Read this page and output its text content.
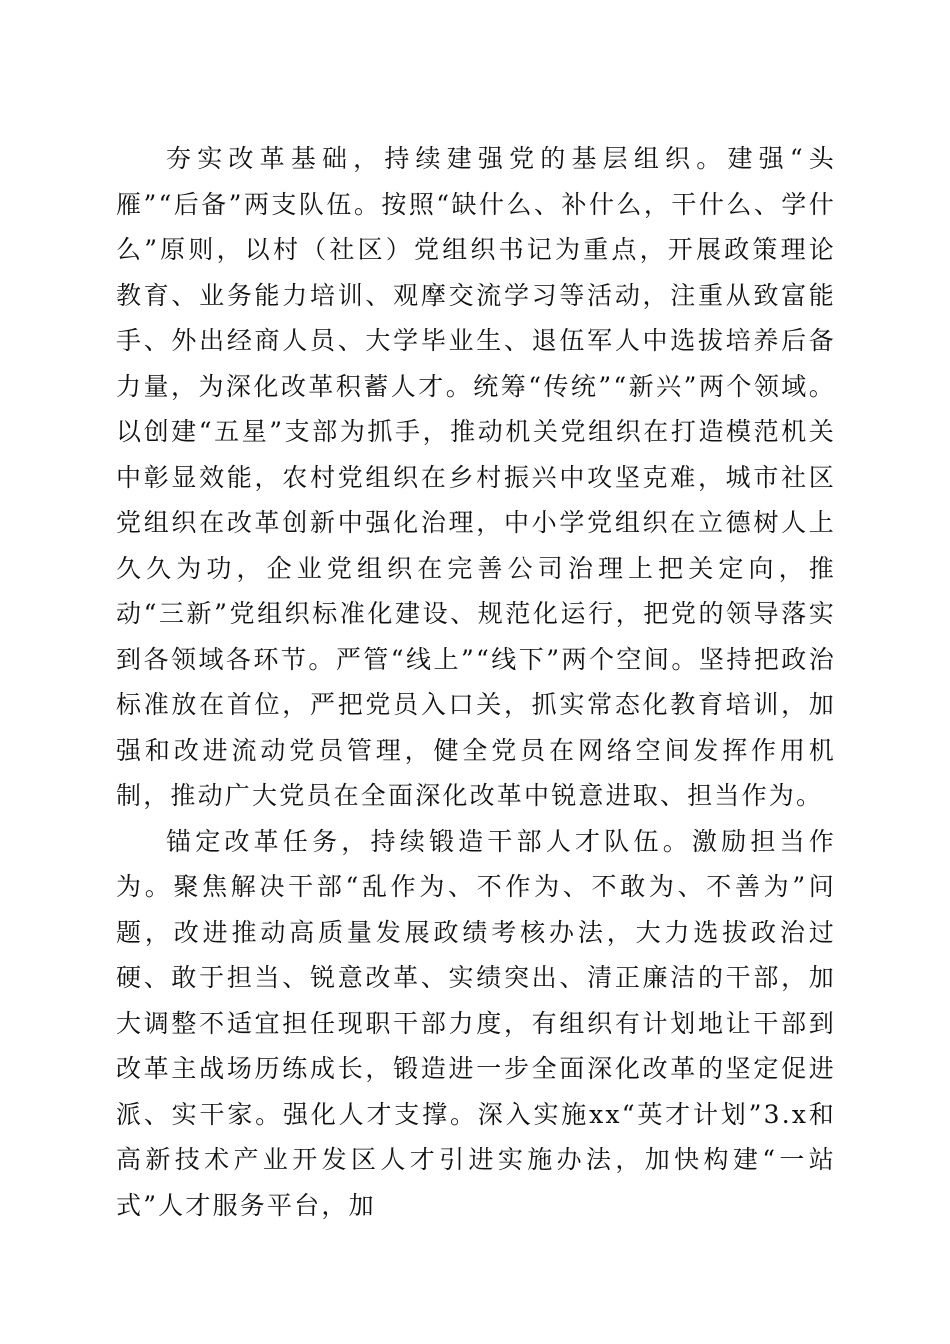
夯实改革基础，持续建强党的基层组织。建强“头雁”“后备”两支队伍。按照“缺什么、补什么，干什么、学什么”原则，以村（社区）党组织书记为重点，开展政策理论教育、业务能力培训、观摩交流学习等活动，注重从致富能手、外出经商人员、大学毕业生、退伍军人中选拔培养后备力量，为深化改革积蓄人才。统筹“传统”“新兴”两个领域。以创建“五星”支部为抓手，推动机关党组织在打造模范机关中彰显效能，农村党组织在乡村振兴中攻坚克难，城市社区党组织在改革创新中强化治理，中小学党组织在立德树人上久久为功，企业党组织在完善公司治理上把关定向，推动“三新”党组织标准化建设、规范化运行，把党的领导落实到各领域各环节。严管“线上”“线下”两个空间。坚持把政治标准放在首位，严把党员入口关，抓实常态化教育培训，加强和改进流动党员管理，健全党员在网络空间发挥作用机制，推动广大党员在全面深化改革中锐意进取、担当作为。

锚定改革任务，持续锻造干部人才队伍。激励担当作为。聚焦解决干部“乱作为、不作为、不敢为、不善为”问题，改进推动高质量发展政绩考核办法，大力选拔政治过硬、敢于担当、锐意改革、实绩突出、清正廉洁的干部，加大调整不适宜担任现职干部力度，有组织有计划地让干部到改革主战场历练成长，锻造进一步全面深化改革的坚定促进派、实干家。强化人才支撑。深入实施xx“英才计划”3.x和高新技术产业开发区人才引进实施办法，加快构建“一站式”人才服务平台，加
